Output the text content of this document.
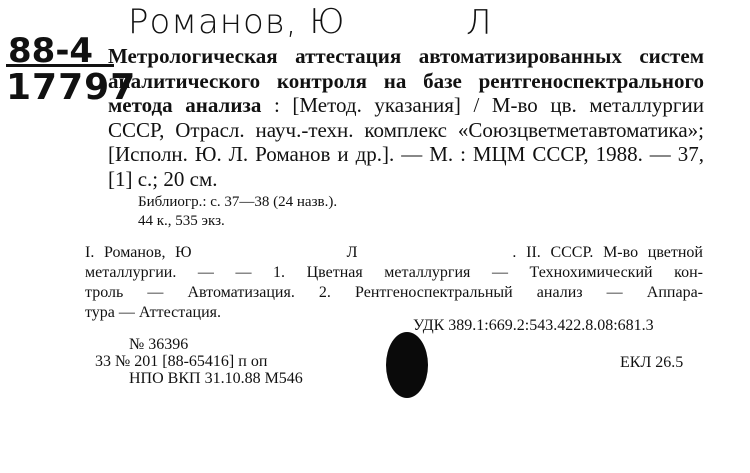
Романов, Ю	Л
88-4
17797
Метрологическая аттестация автоматизированных систем аналитического контроля на базе рентгеноспектрального метода анализа : [Метод. указания] / М-во цв. металлургии СССР, Отрасл. науч.-техн. комплекс «Союзцветметавтоматика»; [Исполн. Ю. Л. Романов и др.]. — М. : МЦМ СССР, 1988. — 37, [1] с.; 20 см.
Библиогр.: с. 37—38 (24 назв.).
44 к., 535 экз.
I. Романов, Ю                Л                . II. СССР. М-во цветной
металлургии. — — 1. Цветная металлургия — Технохимический кон-
троль — Автоматизация. 2. Рентгеноспектральный анализ — Аппара-
тура — Аттестация.
УДК 389.1:669.2:543.422.8.08:681.3
№ 36396
33 № 201 [88-65416] п оп
НПО ВКП 31.10.88 М546
ЕКЛ 26.5
